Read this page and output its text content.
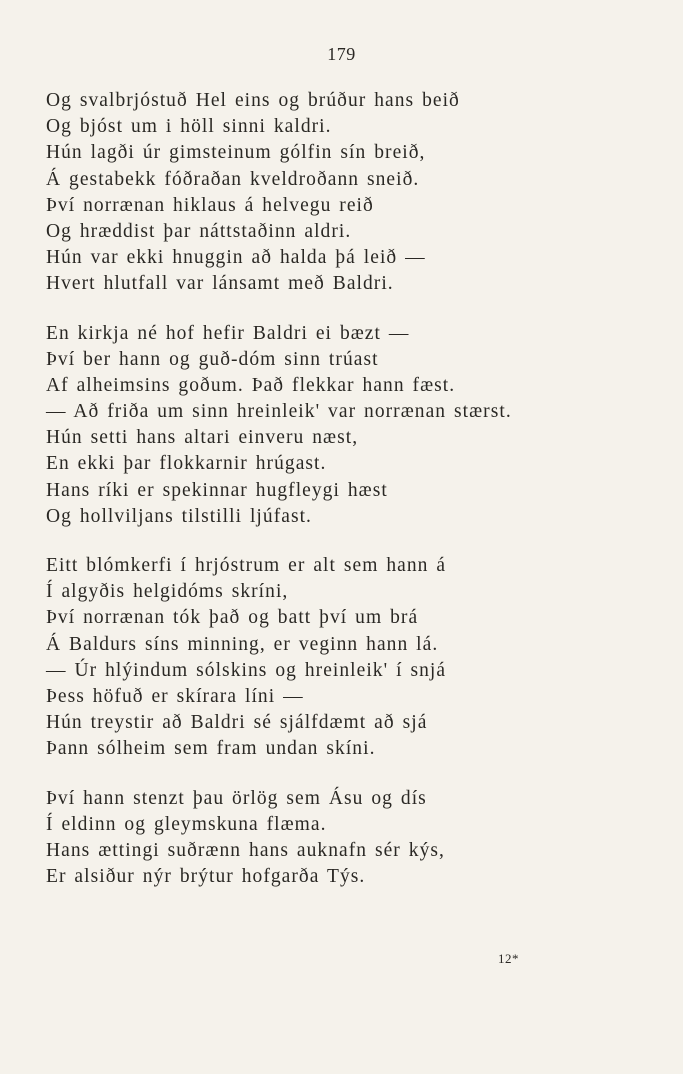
179
Og svalbrjóstuð Hel eins og brúður hans beið
Og bjóst um i höll sinni kaldri.
Hún lagði úr gimsteinum gólfin sín breið,
Á gestabekk fóðraðan kveldroðann sneið.
Því norrænan hiklaus á helvegu reið
Og hræddist þar náttstaðinn aldri.
Hún var ekki hnuggin að halda þá leið —
Hvert hlutfall var lánsamt með Baldri.
En kirkja né hof hefir Baldri ei bæzt —
Því ber hann og guð-dóm sinn trúast
Af alheimsins goðum. Það flekkar hann fæst.
— Að friða um sinn hreinleik' var norrænan stærst.
Hún setti hans altari einveru næst,
En ekki þar flokkarnir hrúgast.
Hans ríki er spekinnar hugfleygi hæst
Og hollviljans tilstilli ljúfast.
Eitt blómkerfi í hrjóstrum er alt sem hann á
Í algyðis helgidóms skríni,
Því norrænan tók það og batt því um brá
Á Baldurs síns minning, er veginn hann lá.
— Úr hlýindum sólskins og hreinleik' í snjá
Þess höfuð er skírara líni —
Hún treystir að Baldri sé sjálfdæmt að sjá
Þann sólheim sem fram undan skíni.
Því hann stenzt þau örlög sem Ásu og dís
Í eldinn og gleymskuna flæma.
Hans ættingi suðrænn hans auknafn sér kýs,
Er alsiður nýr brýtur hofgarða Týs.
12*
